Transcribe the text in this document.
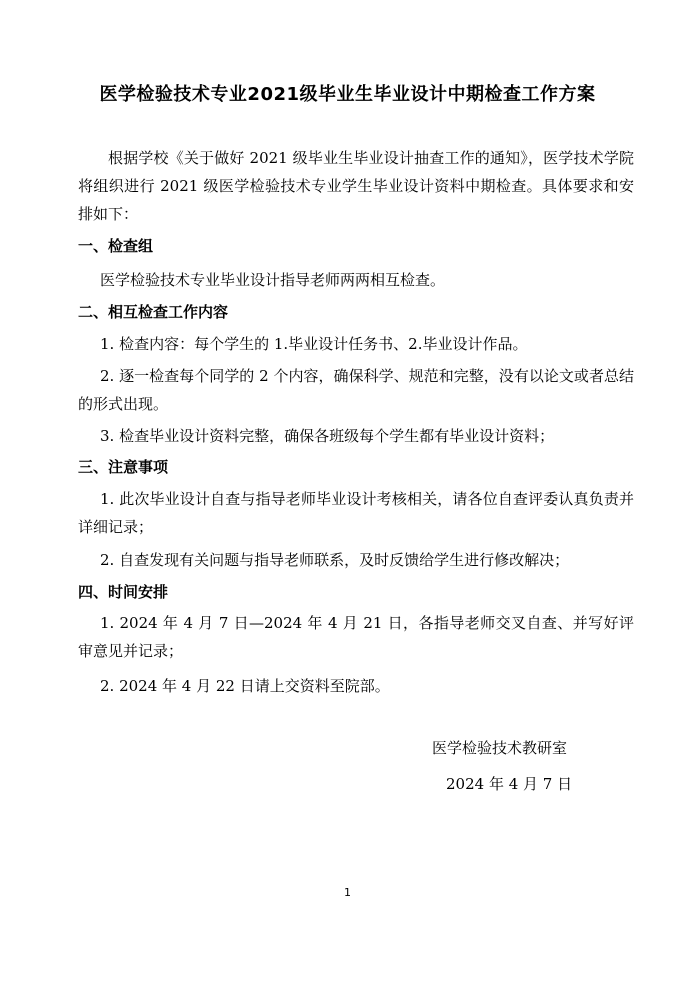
医学检验技术专业2021级毕业生毕业设计中期检查工作方案
根据学校《关于做好 2021 级毕业生毕业设计抽查工作的通知》，医学技术学院将组织进行 2021 级医学检验技术专业学生毕业设计资料中期检查。具体要求和安排如下：
一、检查组
医学检验技术专业毕业设计指导老师两两相互检查。
二、相互检查工作内容
1. 检查内容：每个学生的 1.毕业设计任务书、2.毕业设计作品。
2. 逐一检查每个同学的 2 个内容，确保科学、规范和完整，没有以论文或者总结的形式出现。
3. 检查毕业设计资料完整，确保各班级每个学生都有毕业设计资料；
三、注意事项
1. 此次毕业设计自查与指导老师毕业设计考核相关，请各位自查评委认真负责并详细记录；
2. 自查发现有关问题与指导老师联系，及时反馈给学生进行修改解决；
四、时间安排
1. 2024 年 4 月 7 日—2024 年 4 月 21 日，各指导老师交叉自查、并写好评审意见并记录；
2. 2024 年 4 月 22 日请上交资料至院部。
医学检验技术教研室
2024 年 4 月 7 日
1
